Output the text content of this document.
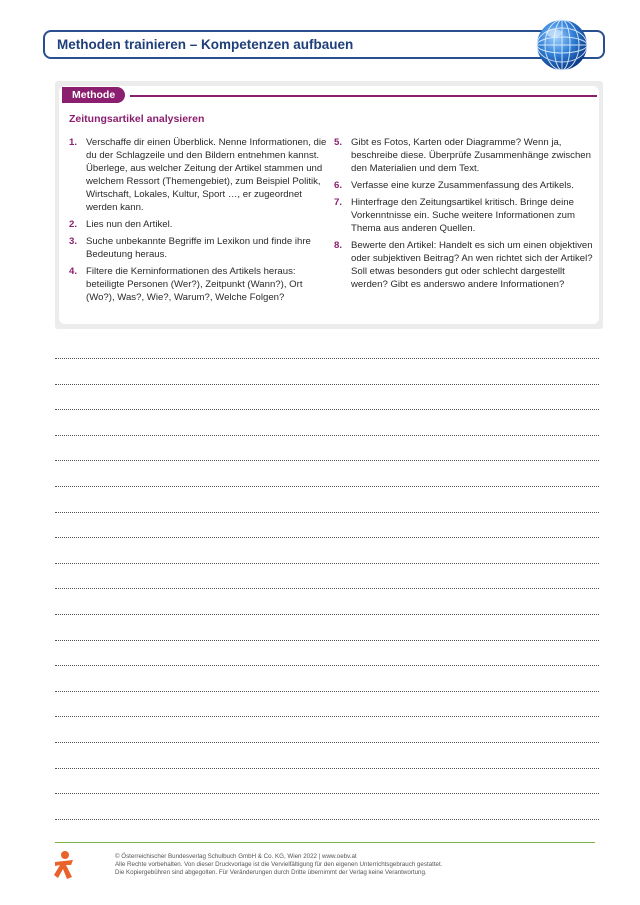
Methoden trainieren – Kompetenzen aufbauen
Methode
Zeitungsartikel analysieren
1. Verschaffe dir einen Überblick. Nenne Informationen, die du der Schlagzeile und den Bildern entnehmen kannst. Überlege, aus welcher Zeitung der Artikel stammen und welchem Ressort (Themengebiet), zum Beispiel Politik, Wirtschaft, Lokales, Kultur, Sport …, er zugeordnet werden kann.
2. Lies nun den Artikel.
3. Suche unbekannte Begriffe im Lexikon und finde ihre Bedeutung heraus.
4. Filtere die Kerninformationen des Artikels heraus: beteiligte Personen (Wer?), Zeitpunkt (Wann?), Ort (Wo?), Was?, Wie?, Warum?, Welche Folgen?
5. Gibt es Fotos, Karten oder Diagramme? Wenn ja, beschreibe diese. Überprüfe Zusammenhänge zwischen den Materialien und dem Text.
6. Verfasse eine kurze Zusammenfassung des Artikels.
7. Hinterfrage den Zeitungsartikel kritisch. Bringe deine Vorkenntnisse ein. Suche weitere Informationen zum Thema aus anderen Quellen.
8. Bewerte den Artikel: Handelt es sich um einen objektiven oder subjektiven Beitrag? An wen richtet sich der Artikel? Soll etwas besonders gut oder schlecht dargestellt werden? Gibt es anderswo andere Informationen?
© Österreichischer Bundesverlag Schulbuch GmbH & Co. KG, Wien 2022 | www.oebv.at
Alle Rechte vorbehalten. Von dieser Druckvorlage ist die Vervielfältigung für den eigenen Unterrichtsgebrauch gestattet.
Die Kopiergebühren sind abgegolten. Für Veränderungen durch Dritte übernimmt der Verlag keine Verantwortung.
